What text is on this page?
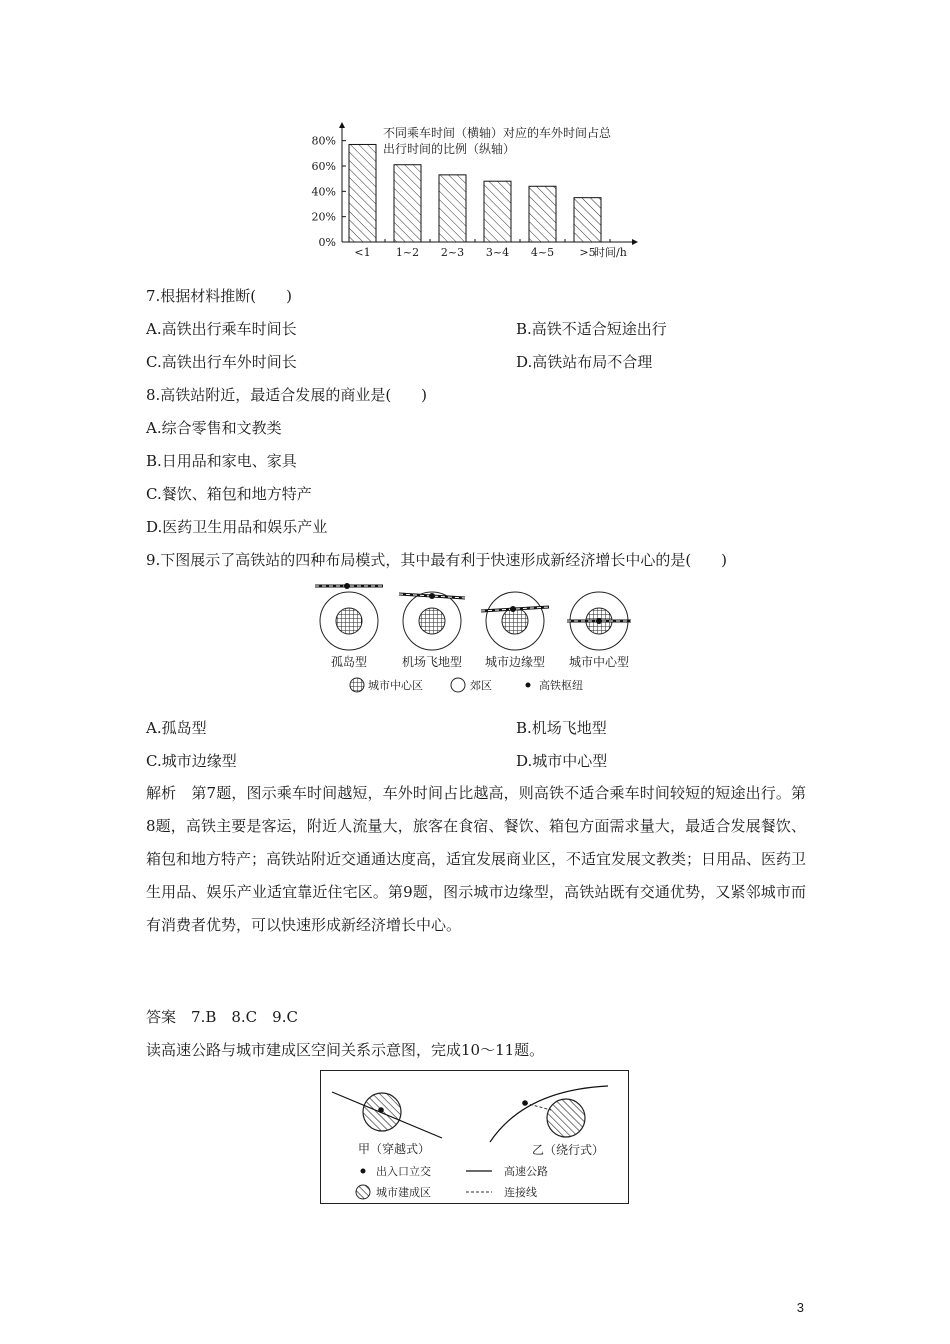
0%
20%
40%
60%
80%
<1 1~2 2~3 3~4 4~5 >5
不同乘车时间（横轴）对应的车外时间占总
出行时间的比例（纵轴）
时间/h
7.根据材料推断(　　)
A.高铁出行乘车时间长	B.高铁不适合短途出行
C.高铁出行车外时间长	D.高铁站布局不合理
8.高铁站附近，最适合发展的商业是(　　)
A.综合零售和文教类
B.日用品和家电、家具
C.餐饮、箱包和地方特产
D.医药卫生用品和娱乐产业
9.下图展示了高铁站的四种布局模式，其中最有利于快速形成新经济增长中心的是(　　)
孤岛型	机场飞地型 城市边缘型 城市中心型
城市中心区	郊区	高铁枢纽
A.孤岛型	B.机场飞地型
C.城市边缘型	D.城市中心型
解析　 第7题，图示乘车时间越短，车外时间占比越高，则高铁不适合乘车时间较短的短途出行。第8题，高铁主要是客运，附近人流量大，旅客在食宿、餐饮、箱包方面需求量大，最适合发展餐饮、箱包和地方特产；高铁站附近交通通达度高，适宜发展商业区，不适宜发展文教类；日用品、医药卫生用品、娱乐产业适宜靠近住宅区。第9题，图示城市边缘型，高铁站既有交通优势，又紧邻城市而有消费者优势，可以快速形成新经济增长中心。
答案　 7.B　8.C　9.C
读高速公路与城市建成区空间关系示意图，完成10～11题。
甲（穿越式）	乙（绕行式）
出入口立交	高速公路
城市建成区	连接线
3
